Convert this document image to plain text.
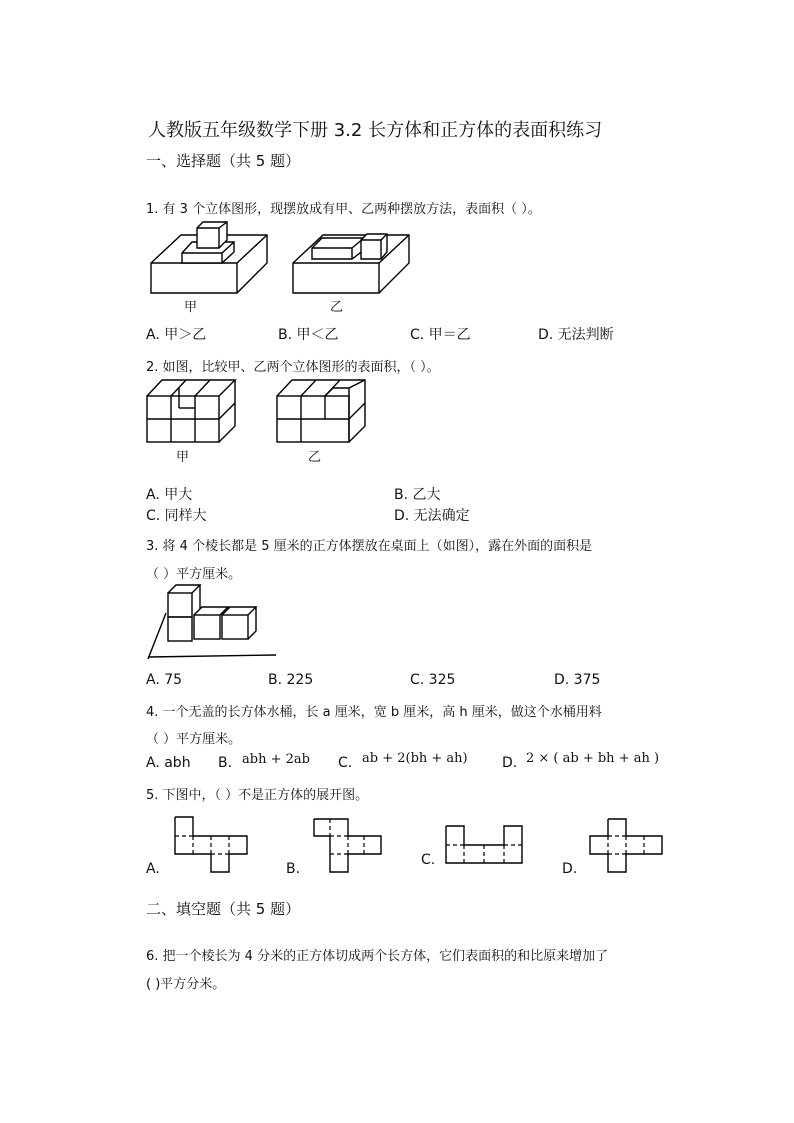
人教版五年级数学下册 3.2 长方体和正方体的表面积练习
一、选择题（共 5 题）
1. 有 3 个立体图形，现摆放成有甲、乙两种摆放方法，表面积（ ）。
甲	乙
A. 甲＞乙	B. 甲＜乙	C. 甲＝乙	D. 无法判断
2. 如图，比较甲、乙两个立体图形的表面积，（ ）。
甲	乙
A. 甲大	B. 乙大
C. 同样大	D. 无法确定
3. 将 4 个棱长都是 5 厘米的正方体摆放在桌面上（如图），露在外面的面积是
（ ）平方厘米。
A. 75	B. 225	C. 325	D. 375
4. 一个无盖的长方体水桶，长 a 厘米，宽 b 厘米，高 h 厘米，做这个水桶用料
（ ）平方厘米。
A. abh B. abh + 2ab C. ab + 2(bh + ah) D. 2 × ( ab + bh + ah )
5. 下图中，（ ）不是正方体的展开图。
A.	B.
C.
D.
二、填空题（共 5 题）
6. 把一个棱长为 4 分米的正方体切成两个长方体，它们表面积的和比原来增加了
( )平方分米。
